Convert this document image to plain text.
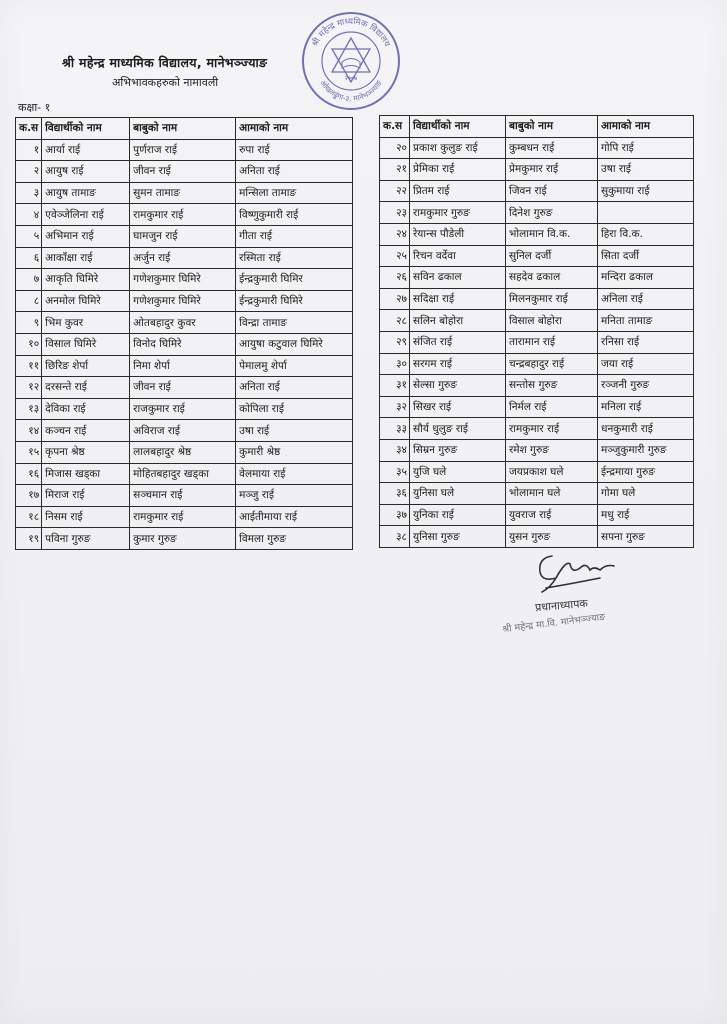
श्री महेन्द्र माध्यमिक विद्यालय, मानेभञ्ज्याङ
अभिभावकहरुको नामावली
कक्षा- १
श्री महेन्द्र माध्यमिक विद्यालय
ओखलढुंगा-३, मानेभञ्ज्याङ
२००७
क.स	विद्यार्थीको नाम	बाबुको नाम	आमाको नाम
१	आर्या राई	पुर्णराज राई	रुपा राई
२	आयुष राई	जीवन राई	अनिता राई
३	आयुष तामाङ	सुमन तामाङ	मन्सिला तामाङ
४	एवेञ्जेलिना राई	रामकुमार राई	विष्णुकुमारी राई
५	अभिमान राई	घामजुन राई	गीता राई
६	आकाँक्षा राई	अर्जुन राई	रस्मिता राई
७	आकृति घिमिरे	गणेशकुमार घिमिरे	ईन्द्रकुमारी घिमिर
८	अनमोल घिमिरे	गणेशकुमार घिमिरे	ईन्द्रकुमारी घिमिरे
९	भिम कुवर	ओतबहादुर कुवर	विन्द्रा तामाङ
१०	विसाल घिमिरे	विनोद घिमिरे	आयुषा कटुवाल घिमिरे
११	छिरिङ शेर्पा	निमा शेर्पा	पेमालमु शेर्पा
१२	दरसन्ते राई	जीवन राई	अनिता राई
१३	देविका राई	राजकुमार राई	कोपिला राई
१४	कञ्चन राई	अविराज राई	उषा राई
१५	कृपना श्रेष्ठ	लालबहादुर श्रेष्ठ	कुमारी श्रेष्ठ
१६	मिजास खड्का	मोहितबहादुर खड्का	वेलमाया राई
१७	मिराज राई	सञ्चमान राई	मञ्जु राई
१८	निसम राई	रामकुमार राई	आईतीमाया राई
१९	पविना गुरुङ	कुमार गुरुङ	विमला गुरुङ
क.स	विद्यार्थीको नाम	बाबुको नाम	आमाको नाम
२०	प्रकाश कुलुङ राई	कुम्बधन राई	गोपि राई
२१	प्रेमिका राई	प्रेमकुमार राई	उषा राई
२२	प्रितम राई	जिवन राई	सुकुमाया राई
२३	रामकुमार गुरुङ	दिनेश गुरुङ	
२४	रेयान्स पौडेली	भोलामान वि.क.	हिरा वि.क.
२५	रिचन वर्देवा	सुनिल दर्जी	सिता दर्जी
२६	सविन ढकाल	सहदेव ढकाल	मन्दिरा ढकाल
२७	सदिक्षा राई	मिलनकुमार राई	अनिला राई
२८	सलिन बोहोरा	विसाल बोहोरा	मनिता तामाङ
२९	संजित राई	तारामान राई	रनिसा राई
३०	सरगम राई	चन्द्रबहादुर राई	जया राई
३१	सेल्सा गुरुङ	सन्तोस गुरुङ	रञ्जनी गुरुङ
३२	सिखर राई	निर्मल राई	मनिला राई
३३	सौर्य धुलुङ राई	रामकुमार राई	धनकुमारी राई
३४	सिम्रन गुरुङ	रमेश गुरुङ	मञ्जुकुमारी गुरुङ
३५	युजि घले	जयप्रकाश घले	ईन्द्रमाया गुरुङ
३६	युनिसा घले	भोलामान घले	गोमा घले
३७	युनिका राई	युवराज राई	मधु राई
३८	युनिसा गुरुङ	युसन गुरुङ	सपना गुरुङ
प्रधानाध्यापक
श्री महेन्द्र मा.वि. मानेभञ्ज्याङ
